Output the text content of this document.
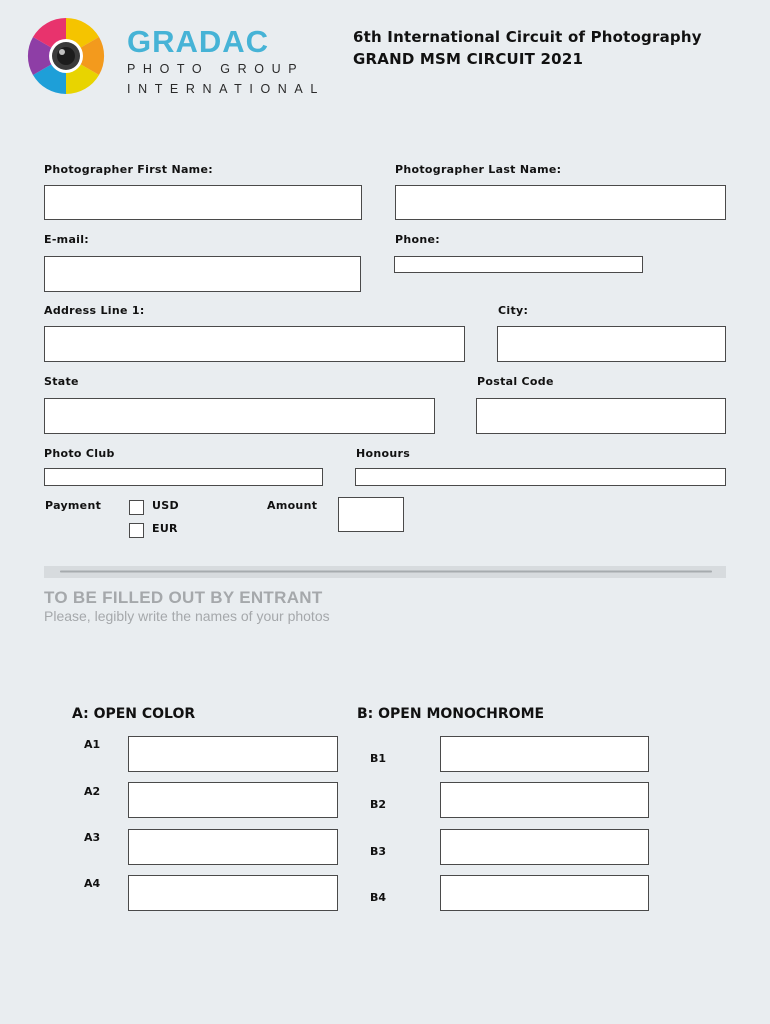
GRADAC
PHOTO GROUP
INTERNATIONAL
6th International Circuit of Photography
GRAND MSM CIRCUIT 2021
Photographer First Name:	Photographer Last Name:
E-mail:	Phone:
Address Line 1:	City:
State	Postal Code
Photo Club	Honours
Payment	USD
EUR
Amount
TO BE FILLED OUT BY ENTRANT
Please, legibly write the names of your photos
A: OPEN COLOR
A1
A2
A3
A4
B: OPEN MONOCHROME
B1
B2
B3
B4
